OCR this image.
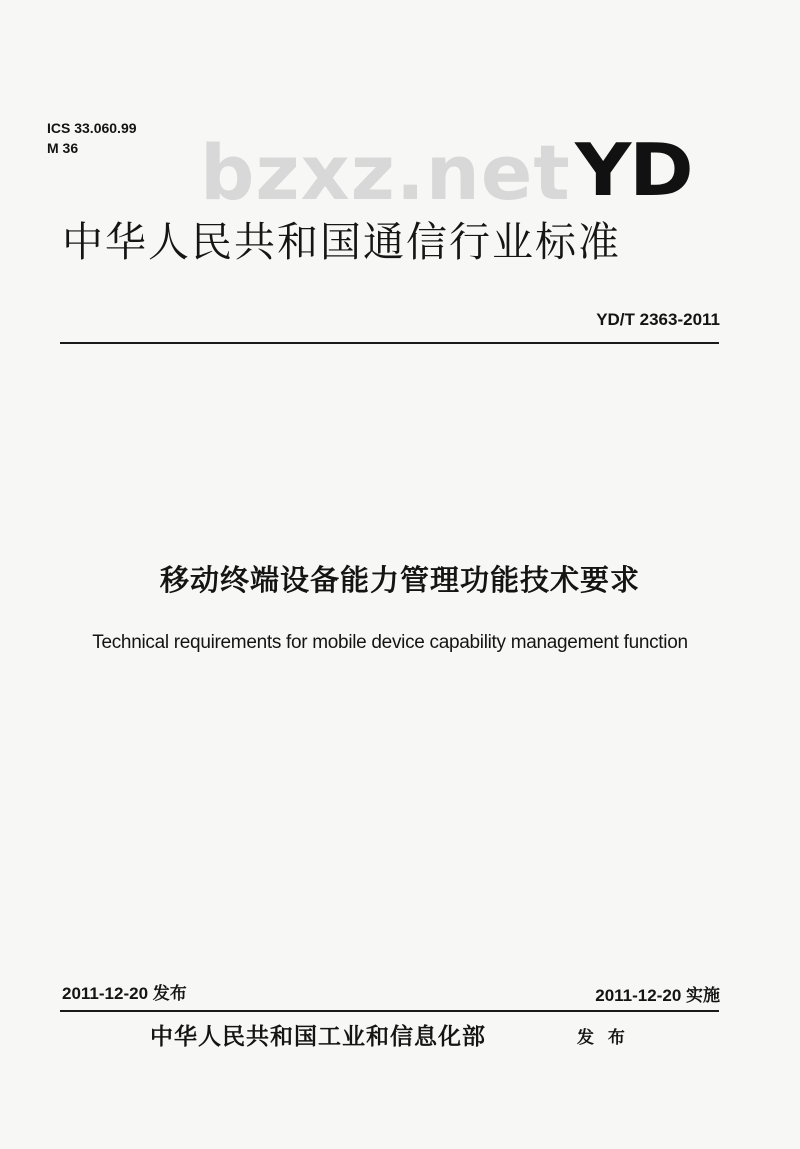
ICS 33.060.99
M 36	bzxz.net YD
中华人民共和国通信行业标准
YD/T 2363-2011
移动终端设备能力管理功能技术要求
Technical requirements for mobile device capability management function
2011-12-20 发布	2011-12-20 实施
中华人民共和国工业和信息化部	发 布
